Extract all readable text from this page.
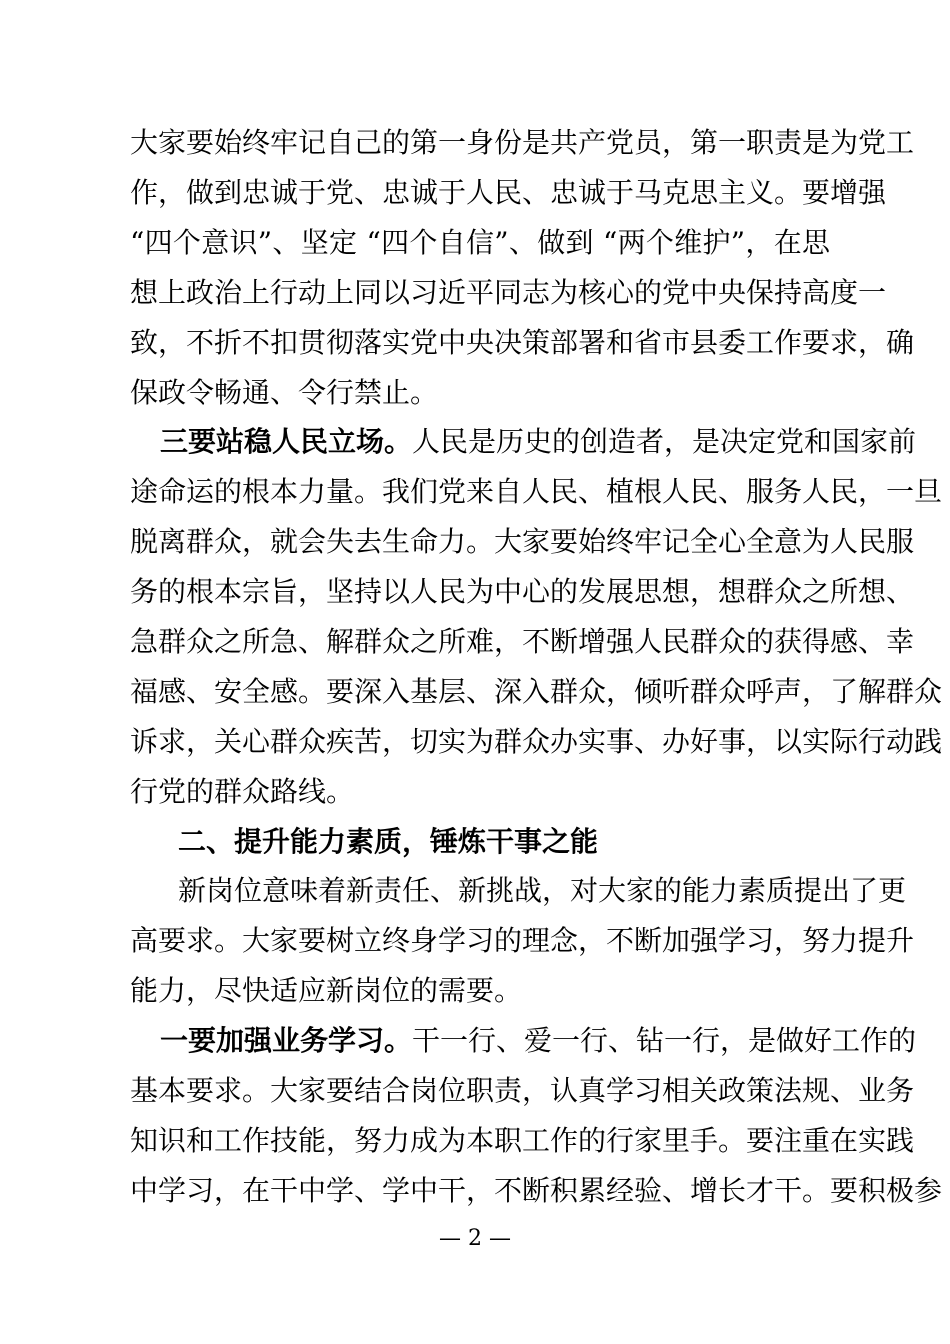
大家要始终牢记自己的第一身份是共产党员，第一职责是为党工
作，做到忠诚于党、忠诚于人民、忠诚于马克思主义。要增强
“四个意识”、坚定 “四个自信”、做到 “两个维护”，在思
想上政治上行动上同以习近平同志为核心的党中央保持高度一
致，不折不扣贯彻落实党中央决策部署和省市县委工作要求，确
保政令畅通、令行禁止。
三要站稳人民立场。人民是历史的创造者，是决定党和国家前
途命运的根本力量。我们党来自人民、植根人民、服务人民，一旦
脱离群众，就会失去生命力。大家要始终牢记全心全意为人民服
务的根本宗旨，坚持以人民为中心的发展思想，想群众之所想、
急群众之所急、解群众之所难，不断增强人民群众的获得感、幸
福感、安全感。要深入基层、深入群众，倾听群众呼声，了解群众
诉求，关心群众疾苦，切实为群众办实事、办好事，以实际行动践
行党的群众路线。
二、提升能力素质，锤炼干事之能
新岗位意味着新责任、新挑战，对大家的能力素质提出了更
高要求。大家要树立终身学习的理念，不断加强学习，努力提升
能力，尽快适应新岗位的需要。
一要加强业务学习。干一行、爱一行、钻一行，是做好工作的
基本要求。大家要结合岗位职责，认真学习相关政策法规、业务
知识和工作技能，努力成为本职工作的行家里手。要注重在实践
中学习，在干中学、学中干，不断积累经验、增长才干。要积极参
— 2 —
